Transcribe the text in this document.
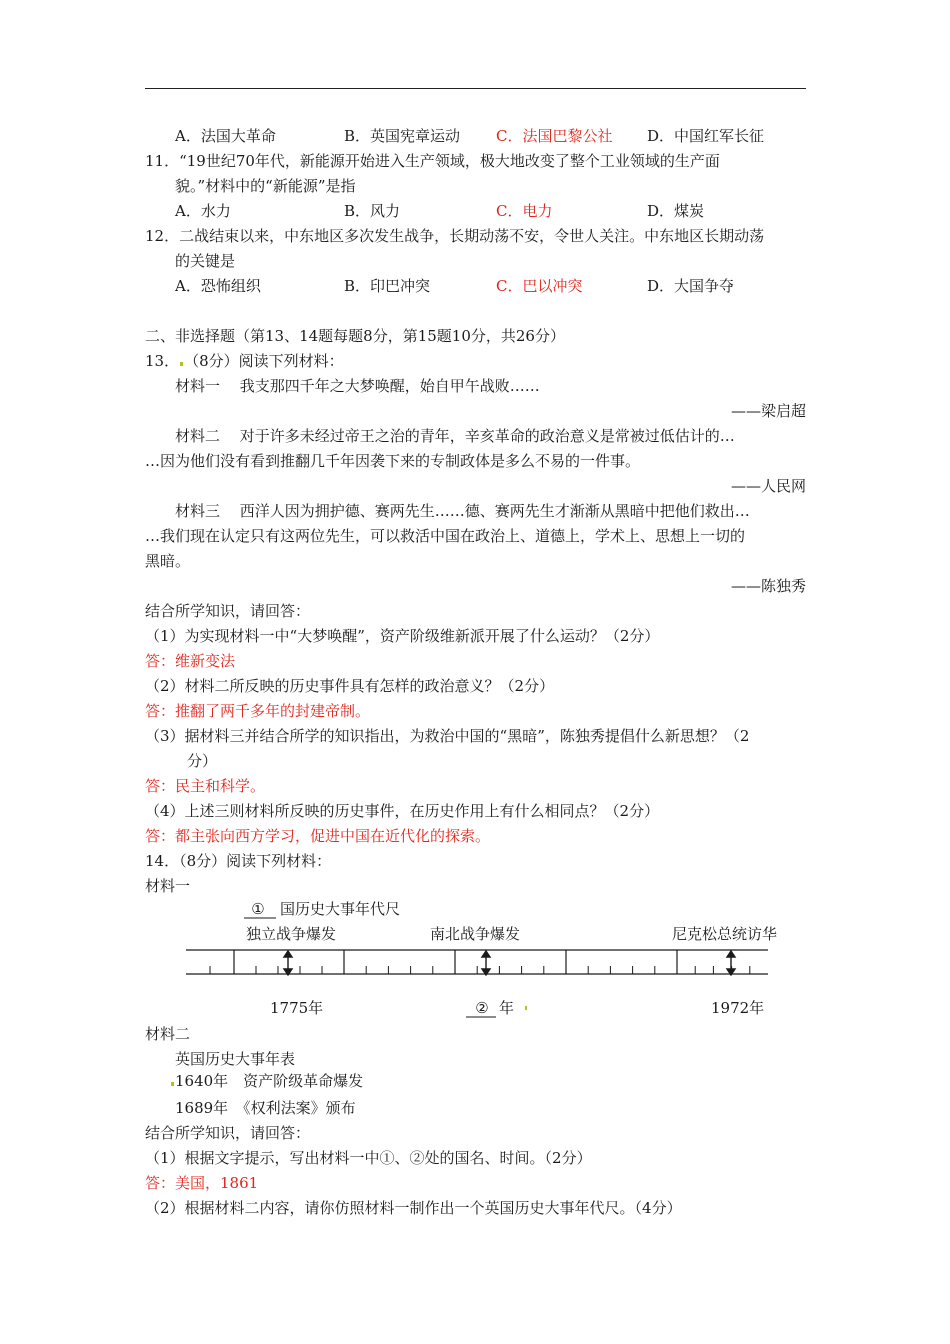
A．法国大革命	B．英国宪章运动 C．法国巴黎公社 D．中国红军长征
11．“19世纪70年代，新能源开始进入生产领域，极大地改变了整个工业领域的生产面
貌。”材料中的“新能源”是指
A．水力	B．风力	C．电力	D．煤炭
12．二战结束以来，中东地区多次发生战争，长期动荡不安，令世人关注。中东地区长期动荡
的关键是
A．恐怖组织	B．印巴冲突	C．巴以冲突	D．大国争夺
二、非选择题（第13、14题每题8分，第15题10分，共26分）
13． （8分）阅读下列材料：
材料一　 我支那四千年之大梦唤醒，始自甲午战败……
——梁启超
材料二　 对于许多未经过帝王之治的青年，辛亥革命的政治意义是常被过低估计的…
…因为他们没有看到推翻几千年因袭下来的专制政体是多么不易的一件事。
——人民网
材料三　 西洋人因为拥护德、赛两先生……德、赛两先生才渐渐从黑暗中把他们救出…
…我们现在认定只有这两位先生，可以救活中国在政治上、道德上，学术上、思想上一切的
黑暗。
——陈独秀
结合所学知识，请回答：
（1）为实现材料一中“大梦唤醒”，资产阶级维新派开展了什么运动？（2分）
答：维新变法
（2）材料二所反映的历史事件具有怎样的政治意义？（2分）
答：推翻了两千多年的封建帝制。
（3）据材料三并结合所学的知识指出，为救治中国的“黑暗”，陈独秀提倡什么新思想？（2
分）
答：民主和科学。
（4）上述三则材料所反映的历史事件，在历史作用上有什么相同点？（2分）
答：都主张向西方学习，促进中国在近代化的探索。
14．（8分）阅读下列材料：
材料一
① 国历史大事年代尺
独立战争爆发	南北战争爆发	尼克松总统访华
1775年	② 年	1972年
材料二
英国历史大事年表
1640年　资产阶级革命爆发
1689年　《权利法案》颁布
结合所学知识，请回答：
（1）根据文字提示，写出材料一中①、②处的国名、时间。（2分）
答：美国，1861
（2）根据材料二内容，请你仿照材料一制作出一个英国历史大事年代尺。（4分）
